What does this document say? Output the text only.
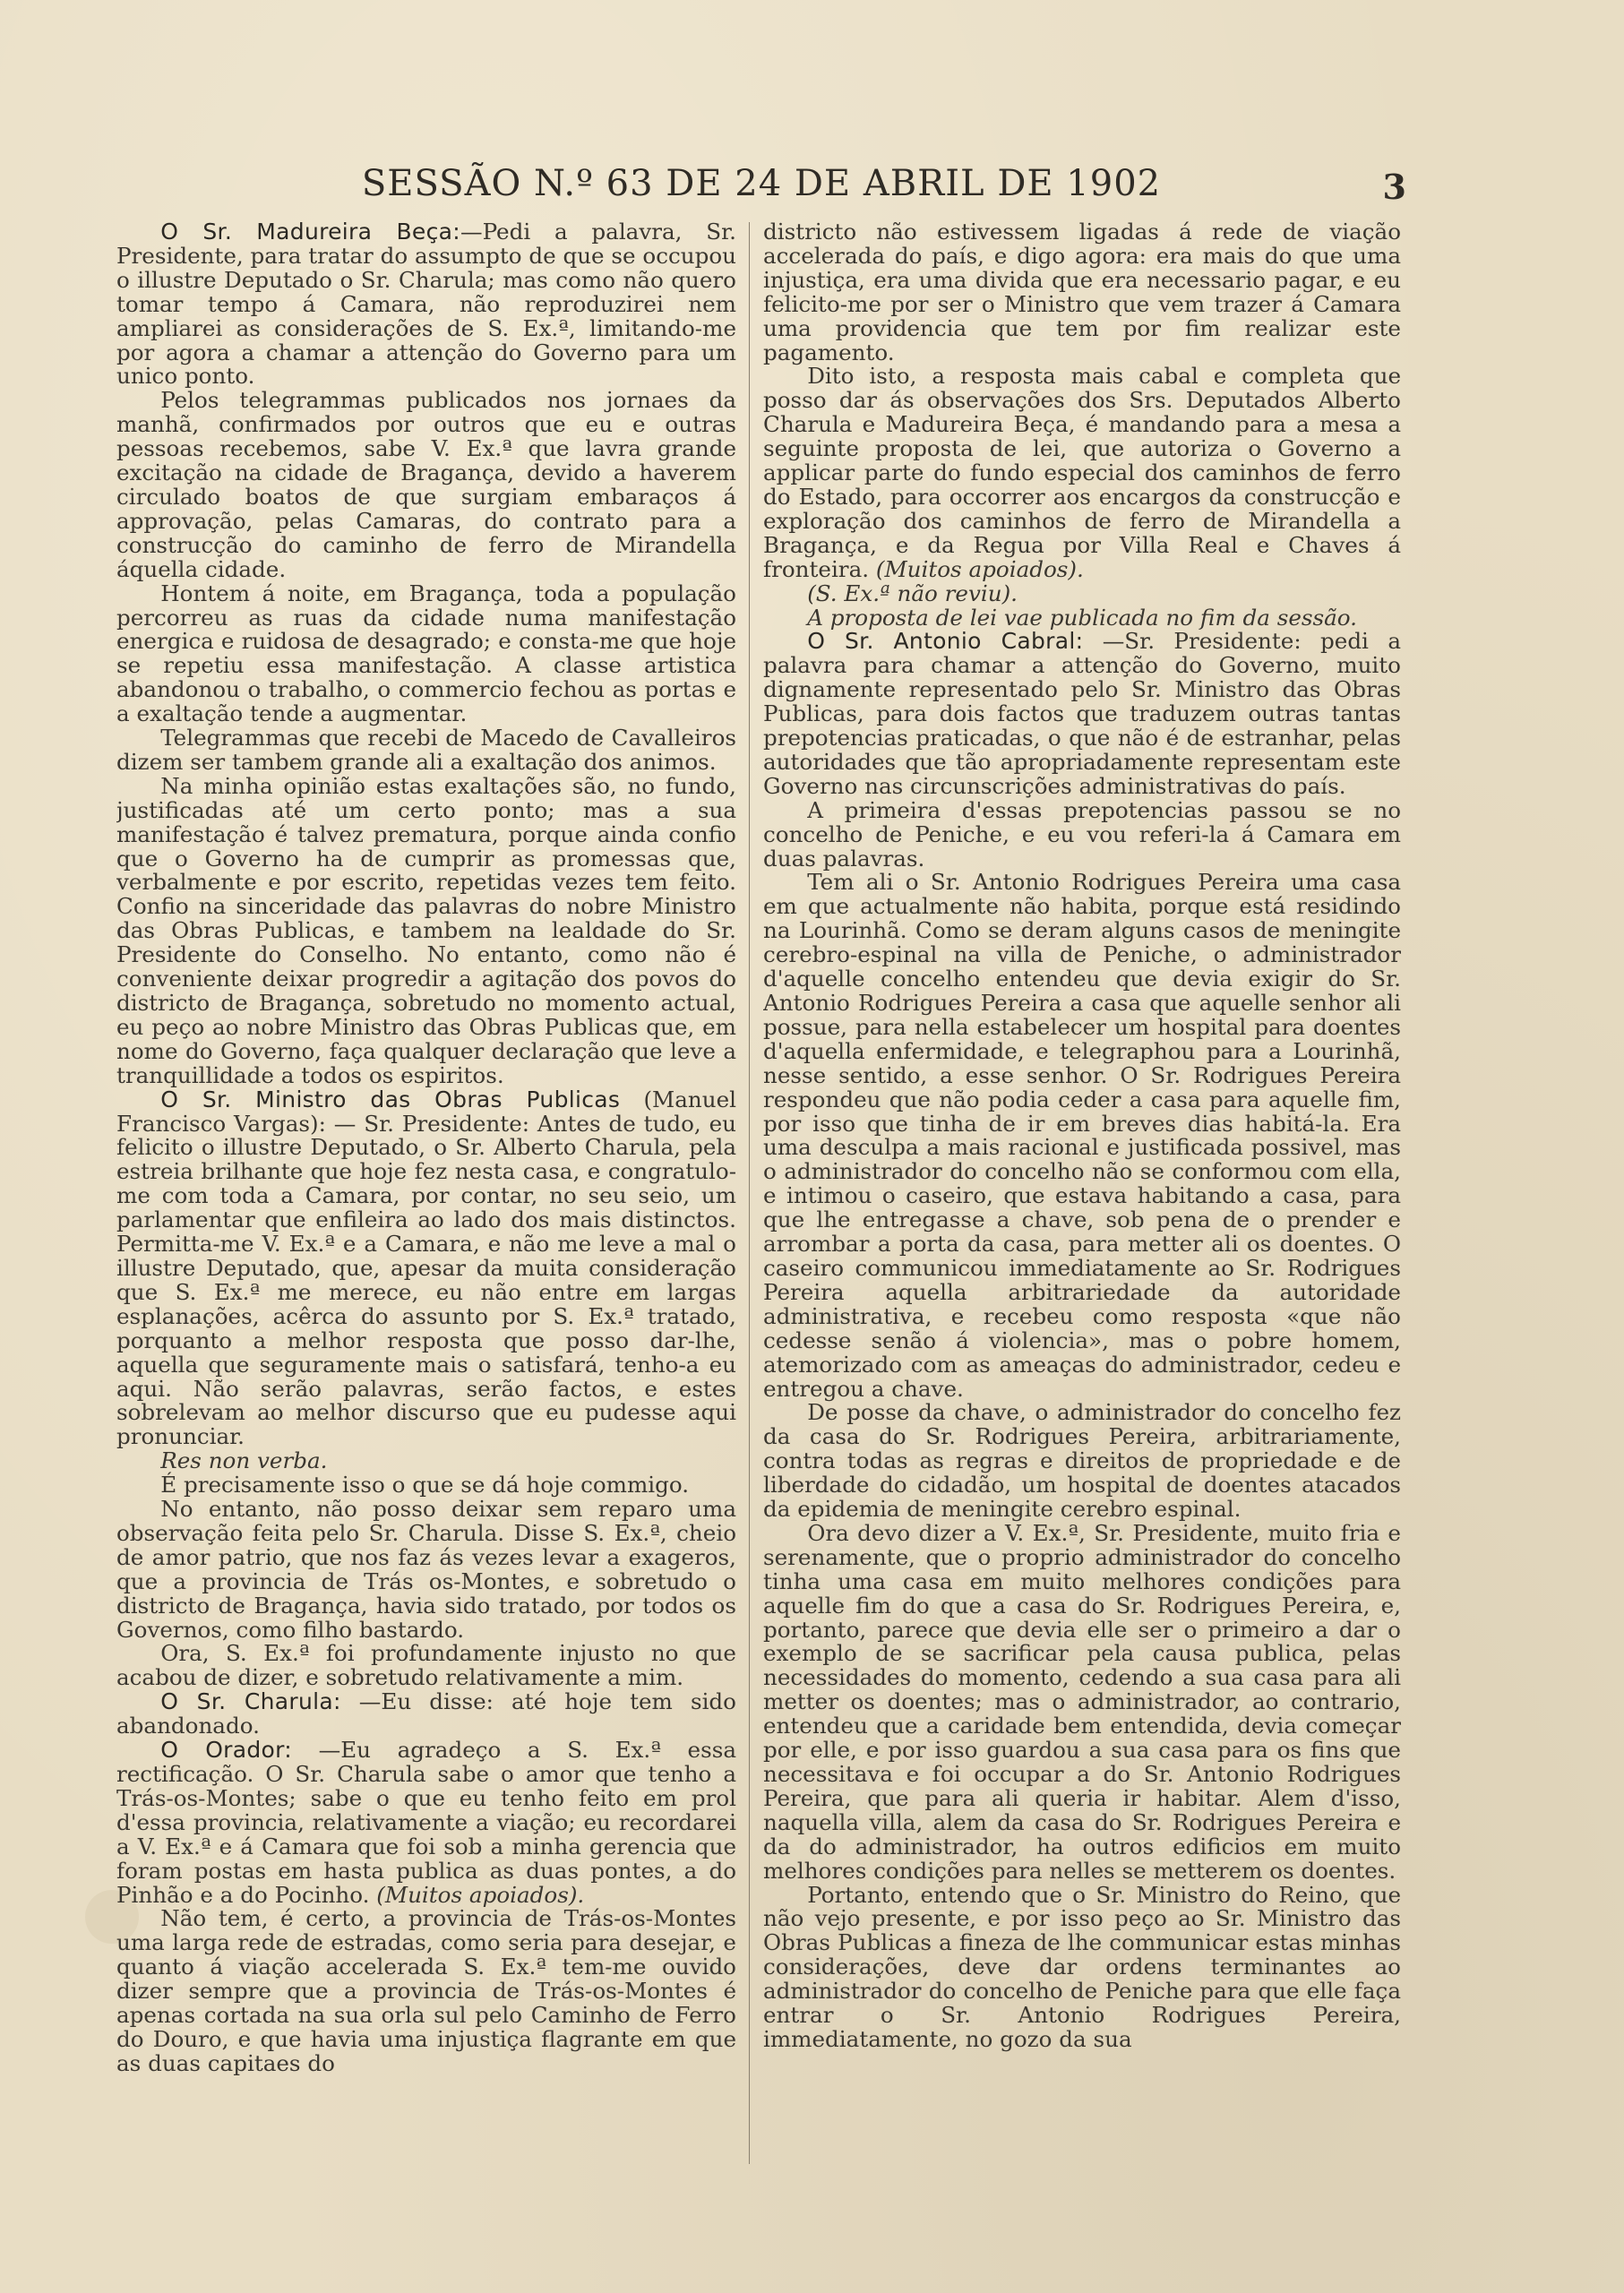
SESSÃO N.º 63 DE 24 DE ABRIL DE 1902	3

O Sr. Madureira Beça:—Pedi a palavra, Sr. Presidente, para tratar do assumpto de que se occupou o illustre Deputado o Sr. Charula; mas como não quero tomar tempo á Camara, não reproduzirei nem ampliarei as considerações de S. Ex.ª, limitando-me por agora a chamar a attenção do Governo para um unico ponto.

Pelos telegrammas publicados nos jornaes da manhã, confirmados por outros que eu e outras pessoas recebemos, sabe V. Ex.ª que lavra grande excitação na cidade de Bragança, devido a haverem circulado boatos de que surgiam embaraços á approvação, pelas Camaras, do contrato para a construcção do caminho de ferro de Mirandella áquella cidade.

Hontem á noite, em Bragança, toda a população percorreu as ruas da cidade numa manifestação energica e ruidosa de desagrado; e consta-me que hoje se repetiu essa manifestação. A classe artistica abandonou o trabalho, o commercio fechou as portas e a exaltação tende a augmentar.

Telegrammas que recebi de Macedo de Cavalleiros dizem ser tambem grande ali a exaltação dos animos.

Na minha opinião estas exaltações são, no fundo, justificadas até um certo ponto; mas a sua manifestação é talvez prematura, porque ainda confio que o Governo ha de cumprir as promessas que, verbalmente e por escrito, repetidas vezes tem feito. Confio na sinceridade das palavras do nobre Ministro das Obras Publicas, e tambem na lealdade do Sr. Presidente do Conselho. No entanto, como não é conveniente deixar progredir a agitação dos povos do districto de Bragança, sobretudo no momento actual, eu peço ao nobre Ministro das Obras Publicas que, em nome do Governo, faça qualquer declaração que leve a tranquillidade a todos os espiritos.

O Sr. Ministro das Obras Publicas (Manuel Francisco Vargas): — Sr. Presidente: Antes de tudo, eu felicito o illustre Deputado, o Sr. Alberto Charula, pela estreia brilhante que hoje fez nesta casa, e congratulo-me com toda a Camara, por contar, no seu seio, um parlamentar que enfileira ao lado dos mais distinctos. Permitta-me V. Ex.ª e a Camara, e não me leve a mal o illustre Deputado, que, apesar da muita consideração que S. Ex.ª me merece, eu não entre em largas esplanações, acêrca do assunto por S. Ex.ª tratado, porquanto a melhor resposta que posso dar-lhe, aquella que seguramente mais o satisfará, tenho-a eu aqui. Não serão palavras, serão factos, e estes sobrelevam ao melhor discurso que eu pudesse aqui pronunciar.

Res non verba.

É precisamente isso o que se dá hoje commigo.

No entanto, não posso deixar sem reparo uma observação feita pelo Sr. Charula. Disse S. Ex.ª, cheio de amor patrio, que nos faz ás vezes levar a exageros, que a provincia de Trás os-Montes, e sobretudo o districto de Bragança, havia sido tratado, por todos os Governos, como filho bastardo.

Ora, S. Ex.ª foi profundamente injusto no que acabou de dizer, e sobretudo relativamente a mim.

O Sr. Charula: —Eu disse: até hoje tem sido abandonado.

O Orador: —Eu agradeço a S. Ex.ª essa rectificação. O Sr. Charula sabe o amor que tenho a Trás-os-Montes; sabe o que eu tenho feito em prol d'essa provincia, relativamente a viação; eu recordarei a V. Ex.ª e á Camara que foi sob a minha gerencia que foram postas em hasta publica as duas pontes, a do Pinhão e a do Pocinho. (Muitos apoiados).

Não tem, é certo, a provincia de Trás-os-Montes uma larga rede de estradas, como seria para desejar, e quanto á viação accelerada S. Ex.ª tem-me ouvido dizer sempre que a provincia de Trás-os-Montes é apenas cortada na sua orla sul pelo Caminho de Ferro do Douro, e que havia uma injustiça flagrante em que as duas capitaes do

districto não estivessem ligadas á rede de viação accelerada do país, e digo agora: era mais do que uma injustiça, era uma divida que era necessario pagar, e eu felicito-me por ser o Ministro que vem trazer á Camara uma providencia que tem por fim realizar este pagamento.

Dito isto, a resposta mais cabal e completa que posso dar ás observações dos Srs. Deputados Alberto Charula e Madureira Beça, é mandando para a mesa a seguinte proposta de lei, que autoriza o Governo a applicar parte do fundo especial dos caminhos de ferro do Estado, para occorrer aos encargos da construcção e exploração dos caminhos de ferro de Mirandella a Bragança, e da Regua por Villa Real e Chaves á fronteira. (Muitos apoiados).

(S. Ex.ª não reviu).

A proposta de lei vae publicada no fim da sessão.

O Sr. Antonio Cabral: —Sr. Presidente: pedi a palavra para chamar a attenção do Governo, muito dignamente representado pelo Sr. Ministro das Obras Publicas, para dois factos que traduzem outras tantas prepotencias praticadas, o que não é de estranhar, pelas autoridades que tão apropriadamente representam este Governo nas circunscrições administrativas do país.

A primeira d'essas prepotencias passou se no concelho de Peniche, e eu vou referi-la á Camara em duas palavras.

Tem ali o Sr. Antonio Rodrigues Pereira uma casa em que actualmente não habita, porque está residindo na Lourinhã. Como se deram alguns casos de meningite cerebro-espinal na villa de Peniche, o administrador d'aquelle concelho entendeu que devia exigir do Sr. Antonio Rodrigues Pereira a casa que aquelle senhor ali possue, para nella estabelecer um hospital para doentes d'aquella enfermidade, e telegraphou para a Lourinhã, nesse sentido, a esse senhor. O Sr. Rodrigues Pereira respondeu que não podia ceder a casa para aquelle fim, por isso que tinha de ir em breves dias habitá-la. Era uma desculpa a mais racional e justificada possivel, mas o administrador do concelho não se conformou com ella, e intimou o caseiro, que estava habitando a casa, para que lhe entregasse a chave, sob pena de o prender e arrombar a porta da casa, para metter ali os doentes. O caseiro communicou immediatamente ao Sr. Rodrigues Pereira aquella arbitrariedade da autoridade administrativa, e recebeu como resposta «que não cedesse senão á violencia», mas o pobre homem, atemorizado com as ameaças do administrador, cedeu e entregou a chave.

De posse da chave, o administrador do concelho fez da casa do Sr. Rodrigues Pereira, arbitrariamente, contra todas as regras e direitos de propriedade e de liberdade do cidadão, um hospital de doentes atacados da epidemia de meningite cerebro espinal.

Ora devo dizer a V. Ex.ª, Sr. Presidente, muito fria e serenamente, que o proprio administrador do concelho tinha uma casa em muito melhores condições para aquelle fim do que a casa do Sr. Rodrigues Pereira, e, portanto, parece que devia elle ser o primeiro a dar o exemplo de se sacrificar pela causa publica, pelas necessidades do momento, cedendo a sua casa para ali metter os doentes; mas o administrador, ao contrario, entendeu que a caridade bem entendida, devia começar por elle, e por isso guardou a sua casa para os fins que necessitava e foi occupar a do Sr. Antonio Rodrigues Pereira, que para ali queria ir habitar. Alem d'isso, naquella villa, alem da casa do Sr. Rodrigues Pereira e da do administrador, ha outros edificios em muito melhores condições para nelles se metterem os doentes.

Portanto, entendo que o Sr. Ministro do Reino, que não vejo presente, e por isso peço ao Sr. Ministro das Obras Publicas a fineza de lhe communicar estas minhas considerações, deve dar ordens terminantes ao administrador do concelho de Peniche para que elle faça entrar o Sr. Antonio Rodrigues Pereira, immediatamente, no gozo da sua
